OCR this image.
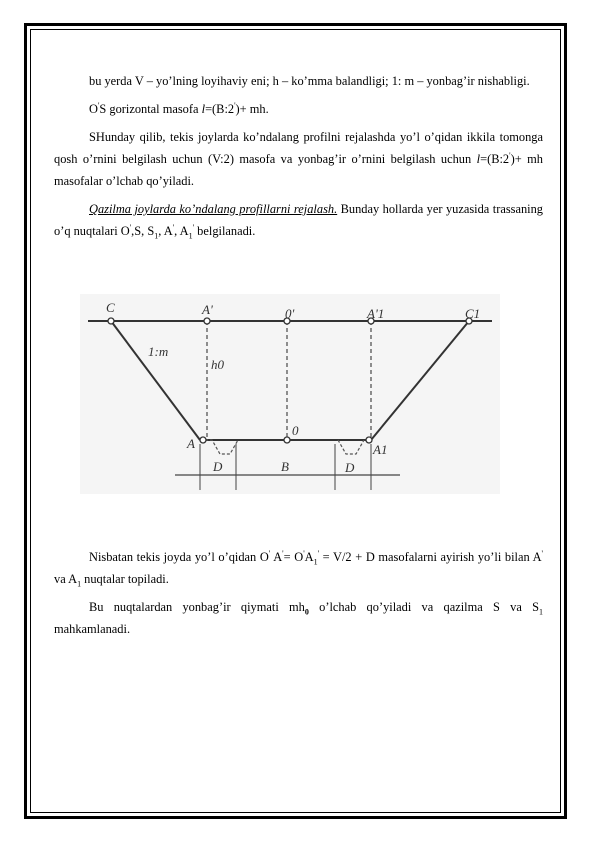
bu yerda V – yo’lning loyihaviy eni; h – ko’mma balandligi; 1: m – yonbag’ir nishabligi.

O'S gorizontal masofa l=(B:2')+ mh.

SHunday qilib, tekis joylarda ko’ndalang profilni rejalashda yo’l o’qidan ikkila tomonga qosh o’rnini belgilash uchun (V:2) masofa va yonbag’ir o’rnini belgilash uchun l=(B:2')+ mh masofalar o’lchab qo’yiladi.

Qazilma joylarda ko’ndalang profillarni rejalash. Bunday hollarda yer yuzasida trassaning o’q nuqtalari O',S, $S_1$, A', $A_1'$ belgilanadi.

C	A'	0'	A'1	C1
1:m
h0
0
A	A1
D	B	D

Nisbatan tekis joyda yo’l o’qidan O' $A'= O'A_1' = V/2 + D$ masofalarni ayirish yo’li bilan A' va $A_1$ nuqtalar topiladi.

Bu nuqtalardan yonbag’ir qiymati $mh_0$ o’lchab qo’yiladi va qazilma S va $S_1$ mahkamlanadi.
